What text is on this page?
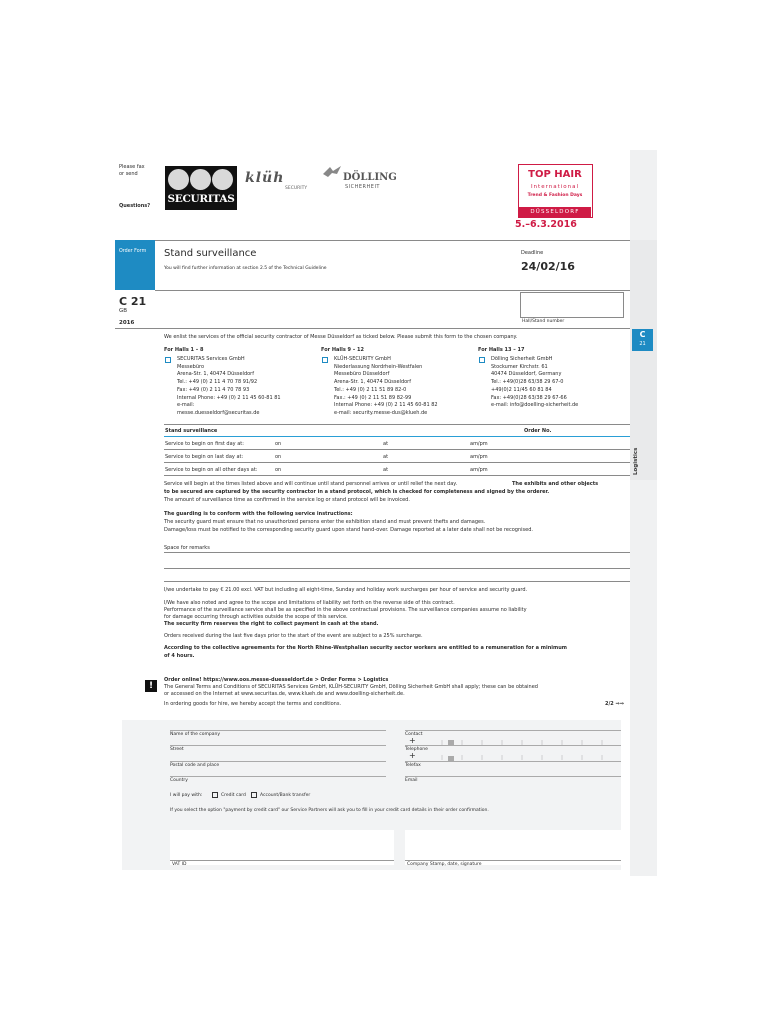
Logistics
C
21
Please fax
or send
Questions?
SECURITAS
klüh
SECURITY
DÖLLING
SICHERHEIT
TOP HAIR
International
Trend & Fashion Days
DÜSSELDORF
5.–6.3.2016
Order Form Stand surveillance
You will find further information at section 2.5 of the Technical Guideline
Deadline
24/02/16
C 21
GB
2016	Hall/Stand number
We enlist the services of the official security contractor of Messe Düsseldorf as ticked below. Please submit this form to the chosen company.
For Halls 1 – 8
SECURITAS Services GmbH
Messebüro
Arena-Str. 1, 40474 Düsseldorf
Tel.: +49 (0) 2 11 4 70 78 91/92
Fax: +49 (0) 2 11 4 70 78 93
Internal Phone: +49 (0) 2 11 45 60-81 81
e-mail:
messe.duesseldorf@securitas.de
For Halls 9 – 12
KLÜH-SECURITY GmbH
Niederlassung Nordrhein-Westfalen
Messebüro Düsseldorf
Arena-Str. 1, 40474 Düsseldorf
Tel.: +49 (0) 2 11 51 89 82-0
Fax.: +49 (0) 2 11 51 89 82-99
Internal Phone: +49 (0) 2 11 45 60-81 82
e-mail: security.messe-dus@klueh.de
For Halls 13 – 17
Dölling Sicherheit GmbH
Stockumer Kirchstr. 61
40474 Düsseldorf, Germany
Tel.: +49(0)28 63/38 29 67-0
+49(0)2 11/45 60 81 84
Fax: +49(0)28 63/38 29 67-66
e-mail: info@doelling-sicherheit.de
Stand surveillance	Order No.
Service to begin on first day at:	on	at	am/pm
Service to begin on last day at:	on	at	am/pm
Service to begin on all other days at:	on	at	am/pm
Service will begin at the times listed above and will continue until stand personnel arrives or until relief the next day.	The exhibits and other objects
to be secured are captured by the security contractor in a stand protocol, which is checked for completeness and signed by the orderer.
The amount of surveillance time as confirmed in the service log or stand protocol will be invoiced.
The guarding is to conform with the following service instructions:
The security guard must ensure that no unauthorized persons enter the exhibition stand and must prevent thefts and damages.
Damage/loss must be notified to the corresponding security guard upon stand hand-over. Damage reported at a later date shall not be recognised.
Space for remarks
I/we undertake to pay € 21.00 excl. VAT but including all eight-time, Sunday and holiday work surcharges per hour of service and security guard.
I/We have also noted and agree to the scope and limitations of liability set forth on the reverse side of this contract.
Performance of the surveillance service shall be as specified in the above contractual provisions. The surveillance companies assume no liability
for damage occurring through activities outside the scope of this service.
The security firm reserves the right to collect payment in cash at the stand.
Orders received during the last five days prior to the start of the event are subject to a 25% surcharge.
According to the collective agreements for the North Rhine-Westphalian security sector workers are entitled to a remuneration for a minimum
of 4 hours.
!
Order online! https://www.oos.messe-duesseldorf.de > Order Forms > Logistics
The General Terms and Conditions of SECURITAS Services GmbH, KLÜH-SECURITY GmbH, Dölling Sicherheit GmbH shall apply; these can be obtained
or accessed on the Internet at www.securitas.de, www.klueh.de and www.doelling-sicherheit.de.
In ordering goods for hire, we hereby accept the terms and conditions.	2/2 ⇒⇒
Name of the company
Street
Postal code and place
Country
Contact
+
Telephone
+
Telefax
Email
I will pay with:	Credit card	Account/Bank transfer
If you select the option "payment by credit card" our Service Partners will ask you to fill in your credit card details in their order confirmation.
VAT ID	Company Stamp, date, signature
